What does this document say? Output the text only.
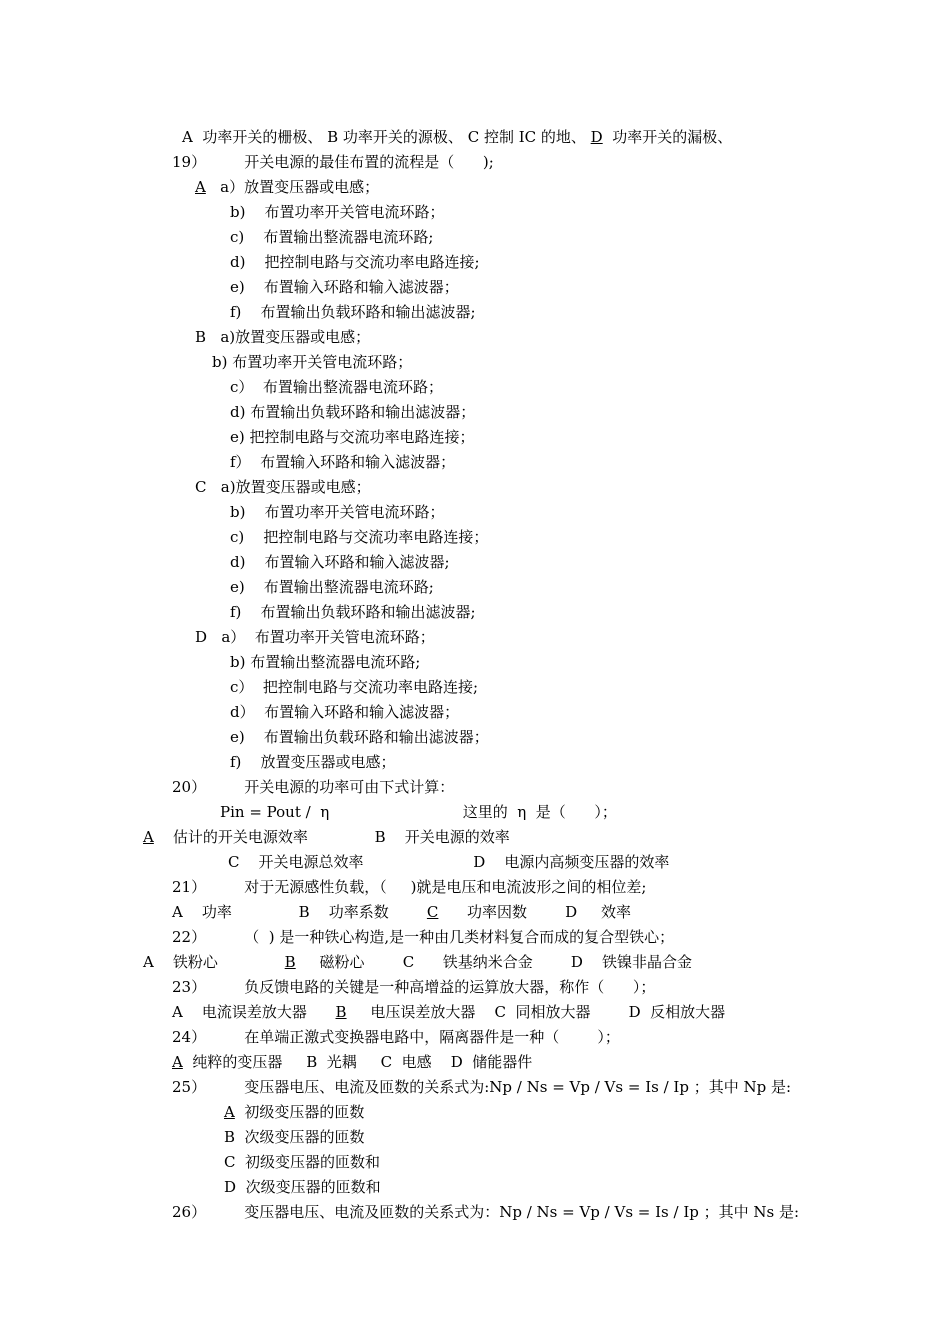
A  功率开关的栅极、 B 功率开关的源极、 C 控制 IC 的地、 D  功率开关的漏极、
19）        开关电源的最佳布置的流程是（      );
A   a）放置变压器或电感；
b)    布置功率开关管电流环路；
c)    布置输出整流器电流环路;
d)    把控制电路与交流功率电路连接;
e)    布置输入环路和输入滤波器；
f)    布置输出负载环路和输出滤波器;
B   a)放置变压器或电感；
b) 布置功率开关管电流环路；
c）  布置输出整流器电流环路；
d) 布置输出负载环路和输出滤波器；
e) 把控制电路与交流功率电路连接；
f）  布置输入环路和输入滤波器；
C   a)放置变压器或电感；
b)    布置功率开关管电流环路；
c)    把控制电路与交流功率电路连接；
d)    布置输入环路和输入滤波器;
e)    布置输出整流器电流环路;
f)    布置输出负载环路和输出滤波器;
D   a）  布置功率开关管电流环路；
b) 布置输出整流器电流环路;
c）  把控制电路与交流功率电路连接;
d）  布置输入环路和输入滤波器；
e)    布置输出负载环路和输出滤波器；
f)    放置变压器或电感；
20）        开关电源的功率可由下式计算：
Pin = Pout /  η                            这里的  η  是（      ）；
A    估计的开关电源效率              B    开关电源的效率
C    开关电源总效率                       D    电源内高频变压器的效率
21）        对于无源感性负载，（     )就是电压和电流波形之间的相位差;
A    功率              B    功率系数        C      功率因数        D     效率
22）        （  ) 是一种铁心构造,是一种由几类材料复合而成的复合型铁心；
A    铁粉心              B     磁粉心        C      铁基纳米合金        D    铁镍非晶合金
23）        负反馈电路的关键是一种高增益的运算放大器，称作（      ）；
A    电流误差放大器      B     电压误差放大器    C  同相放大器        D  反相放大器
24）        在单端正激式变换器电路中，隔离器件是一种（        ）；
A  纯粹的变压器     B  光耦     C  电感    D  储能器件
25）        变压器电压、电流及匝数的关系式为:Np / Ns = Vp / Vs = Is / Ip ；其中 Np 是:
A  初级变压器的匝数
B  次级变压器的匝数
C  初级变压器的匝数和
D  次级变压器的匝数和
26）        变压器电压、电流及匝数的关系式为：Np / Ns = Vp / Vs = Is / Ip ；其中 Ns 是:
